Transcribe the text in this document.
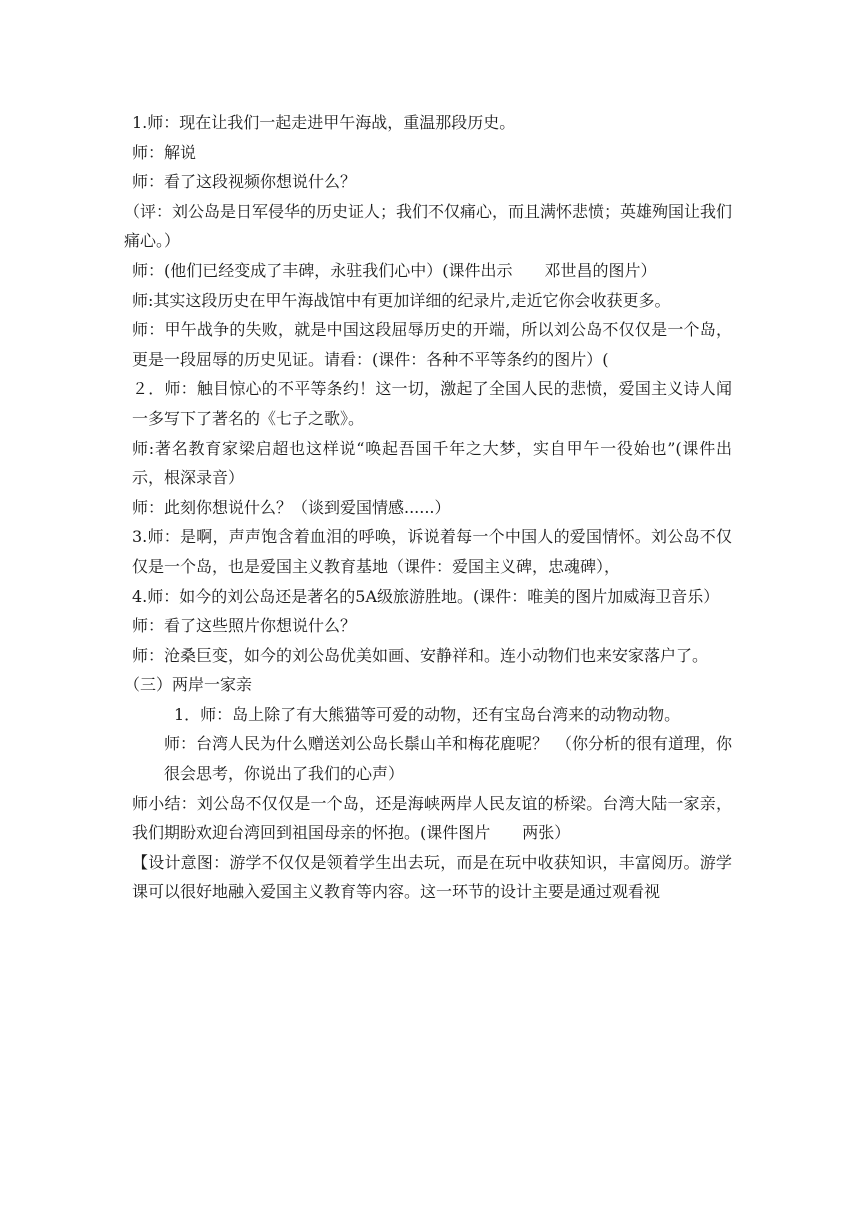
1.师：现在让我们一起走进甲午海战，重温那段历史。

师：解说

师：看了这段视频你想说什么？

（评：刘公岛是日军侵华的历史证人；我们不仅痛心，而且满怀悲愤；英雄殉国让我们痛心。）

师：(他们已经变成了丰碑，永驻我们心中）(课件出示　　邓世昌的图片）

师:其实这段历史在甲午海战馆中有更加详细的纪录片,走近它你会收获更多。

师：甲午战争的失败，就是中国这段屈辱历史的开端，所以刘公岛不仅仅是一个岛，更是一段屈辱的历史见证。请看：(课件：各种不平等条约的图片）(

２．师：触目惊心的不平等条约！这一切，激起了全国人民的悲愤，爱国主义诗人闻一多写下了著名的《七子之歌》。

师:著名教育家梁启超也这样说“唤起吾国千年之大梦，实自甲午一役始也”(课件出示，根深录音）

师：此刻你想说什么？（谈到爱国情感......）

3.师：是啊，声声饱含着血泪的呼唤，诉说着每一个中国人的爱国情怀。刘公岛不仅仅是一个岛，也是爱国主义教育基地（课件：爱国主义碑，忠魂碑），

4.师：如今的刘公岛还是著名的5A级旅游胜地。(课件：唯美的图片加威海卫音乐）

师：看了这些照片你想说什么？

师：沧桑巨变，如今的刘公岛优美如画、安静祥和。连小动物们也来安家落户了。

（三）两岸一家亲

1．师：岛上除了有大熊猫等可爱的动物，还有宝岛台湾来的动物动物。

师：台湾人民为什么赠送刘公岛长鬃山羊和梅花鹿呢？　（你分析的很有道理，你很会思考，你说出了我们的心声）

师小结：刘公岛不仅仅是一个岛，还是海峡两岸人民友谊的桥梁。台湾大陆一家亲，我们期盼欢迎台湾回到祖国母亲的怀抱。(课件图片　　两张）

【设计意图：游学不仅仅是领着学生出去玩，而是在玩中收获知识，丰富阅历。游学课可以很好地融入爱国主义教育等内容。这一环节的设计主要是通过观看视
